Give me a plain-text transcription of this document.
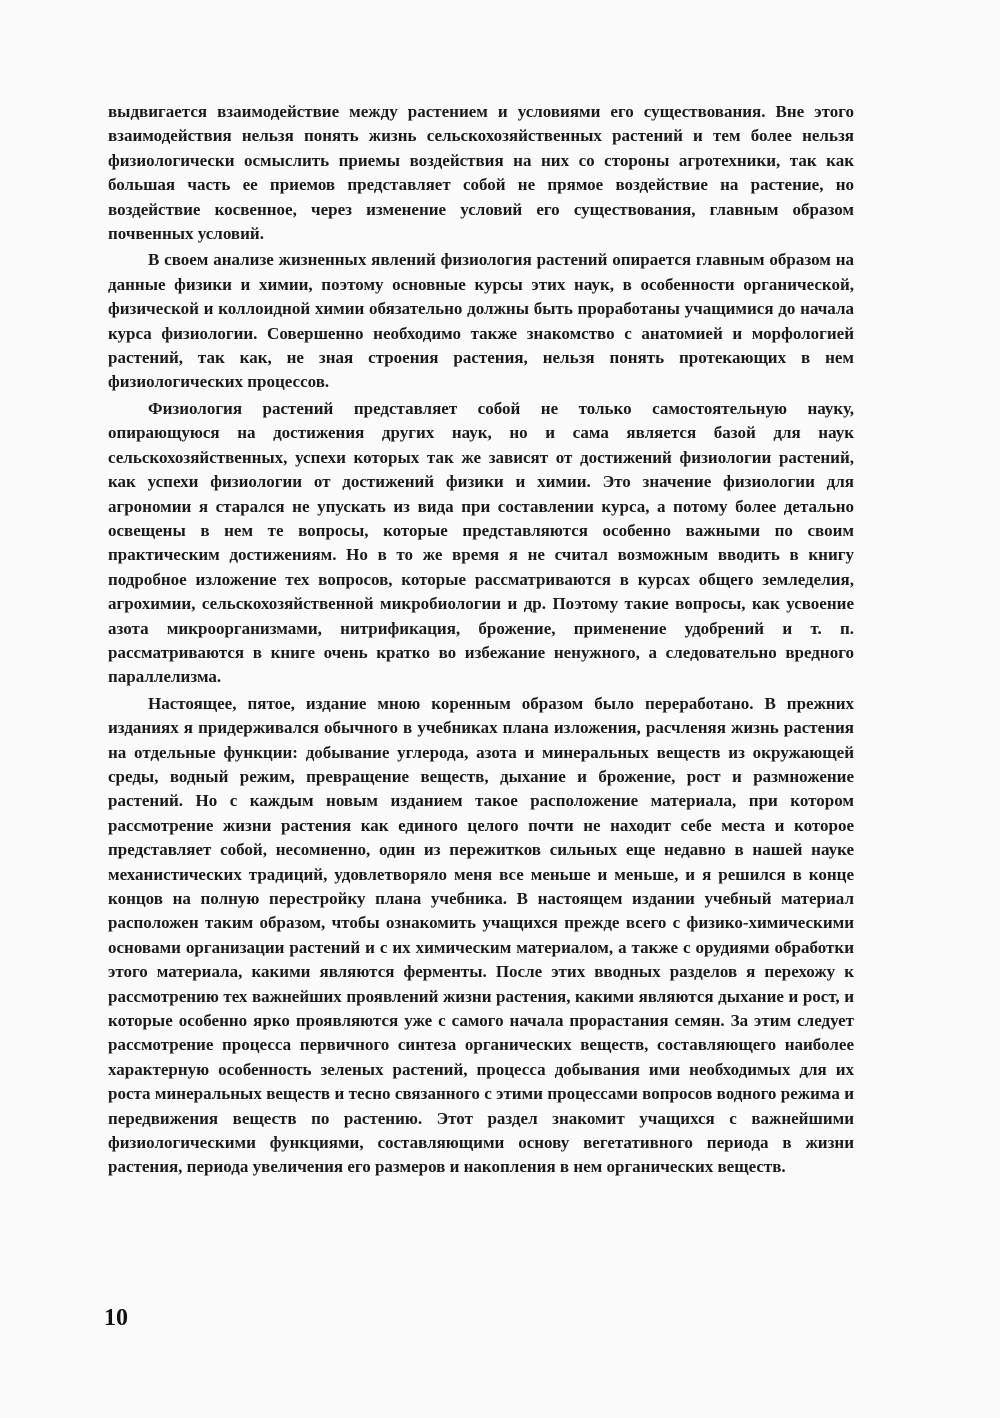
выдвигается взаимодействие между растением и условиями его существования. Вне этого взаимодействия нельзя понять жизнь сельскохозяйственных растений и тем более нельзя физиологически осмыслить приемы воздействия на них со стороны агротехники, так как большая часть ее приемов представляет собой не прямое воздействие на растение, но воздействие косвенное, через изменение условий его существования, главным образом почвенных условий.

В своем анализе жизненных явлений физиология растений опирается главным образом на данные физики и химии, поэтому основные курсы этих наук, в особенности органической, физической и коллоидной химии обязательно должны быть проработаны учащимися до начала курса физиологии. Совершенно необходимо также знакомство с анатомией и морфологией растений, так как, не зная строения растения, нельзя понять протекающих в нем физиологических процессов.

Физиология растений представляет собой не только самостоятельную науку, опирающуюся на достижения других наук, но и сама является базой для наук сельскохозяйственных, успехи которых так же зависят от достижений физиологии растений, как успехи физиологии от достижений физики и химии. Это значение физиологии для агрономии я старался не упускать из вида при составлении курса, а потому более детально освещены в нем те вопросы, которые представляются особенно важными по своим практическим достижениям. Но в то же время я не считал возможным вводить в книгу подробное изложение тех вопросов, которые рассматриваются в курсах общего земледелия, агрохимии, сельскохозяйственной микробиологии и др. Поэтому такие вопросы, как усвоение азота микроорганизмами, нитрификация, брожение, применение удобрений и т. п. рассматриваются в книге очень кратко во избежание ненужного, а следовательно вредного параллелизма.

Настоящее, пятое, издание мною коренным образом было переработано. В прежних изданиях я придерживался обычного в учебниках плана изложения, расчленяя жизнь растения на отдельные функции: добывание углерода, азота и минеральных веществ из окружающей среды, водный режим, превращение веществ, дыхание и брожение, рост и размножение растений. Но с каждым новым изданием такое расположение материала, при котором рассмотрение жизни растения как единого целого почти не находит себе места и которое представляет собой, несомненно, один из пережитков сильных еще недавно в нашей науке механистических традиций, удовлетворяло меня все меньше и меньше, и я решился в конце концов на полную перестройку плана учебника. В настоящем издании учебный материал расположен таким образом, чтобы ознакомить учащихся прежде всего с физико-химическими основами организации растений и с их химическим материалом, а также с орудиями обработки этого материала, какими являются ферменты. После этих вводных разделов я перехожу к рассмотрению тех важнейших проявлений жизни растения, какими являются дыхание и рост, и которые особенно ярко проявляются уже с самого начала прорастания семян. За этим следует рассмотрение процесса первичного синтеза органических веществ, составляющего наиболее характерную особенность зеленых растений, процесса добывания ими необходимых для их роста минеральных веществ и тесно связанного с этими процессами вопросов водного режима и передвижения веществ по растению. Этот раздел знакомит учащихся с важнейшими физиологическими функциями, составляющими основу вегетативного периода в жизни растения, периода увеличения его размеров и накопления в нем органических веществ.

10
